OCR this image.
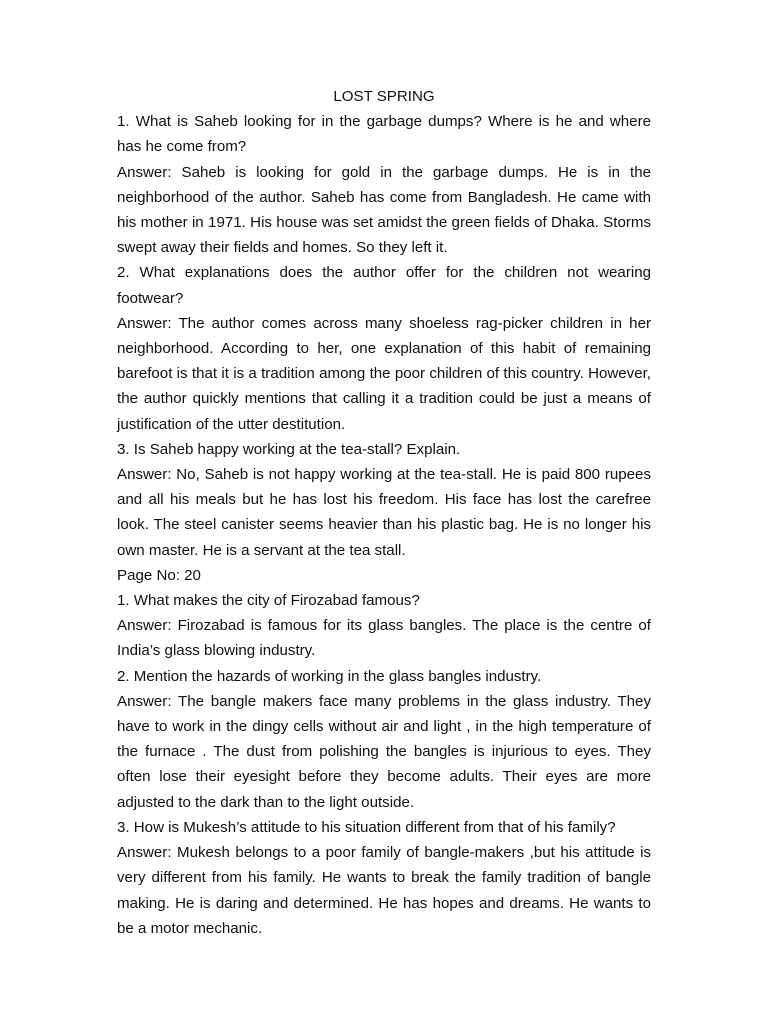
LOST SPRING

1. What is Saheb looking for in the garbage dumps? Where is he and where has he come from?

Answer: Saheb is looking for gold in the garbage dumps. He is in the neighborhood of the author. Saheb has come from Bangladesh. He came with his mother in 1971. His house was set amidst the green fields of Dhaka. Storms swept away their fields and homes. So they left it.

2. What explanations does the author offer for the children not wearing footwear?

Answer: The author comes across many shoeless rag-picker children in her neighborhood. According to her, one explanation of this habit of remaining barefoot is that it is a tradition among the poor children of this country. However, the author quickly mentions that calling it a tradition could be just a means of justification of the utter destitution.

3. Is Saheb happy working at the tea-stall? Explain.

Answer: No, Saheb is not happy working at the tea-stall. He is paid 800 rupees and all his meals but he has lost his freedom. His face has lost the carefree look. The steel canister seems heavier than his plastic bag. He is no longer his own master. He is a servant at the tea stall.

Page No: 20

1. What makes the city of Firozabad famous?

Answer: Firozabad is famous for its glass bangles. The place is the centre of India’s glass blowing industry.

2. Mention the hazards of working in the glass bangles industry.

Answer: The bangle makers face many problems in the glass industry. They have to work in the dingy cells without air and light , in the high temperature of the furnace . The dust from polishing the bangles is injurious to eyes. They often lose their eyesight before they become adults. Their eyes are more adjusted to the dark than to the light outside.

3. How is Mukesh’s attitude to his situation different from that of his family?

Answer: Mukesh belongs to a poor family of bangle-makers ,but his attitude is very different from his family. He wants to break the family tradition of bangle making. He is daring and determined. He has hopes and dreams. He wants to be a motor mechanic.
